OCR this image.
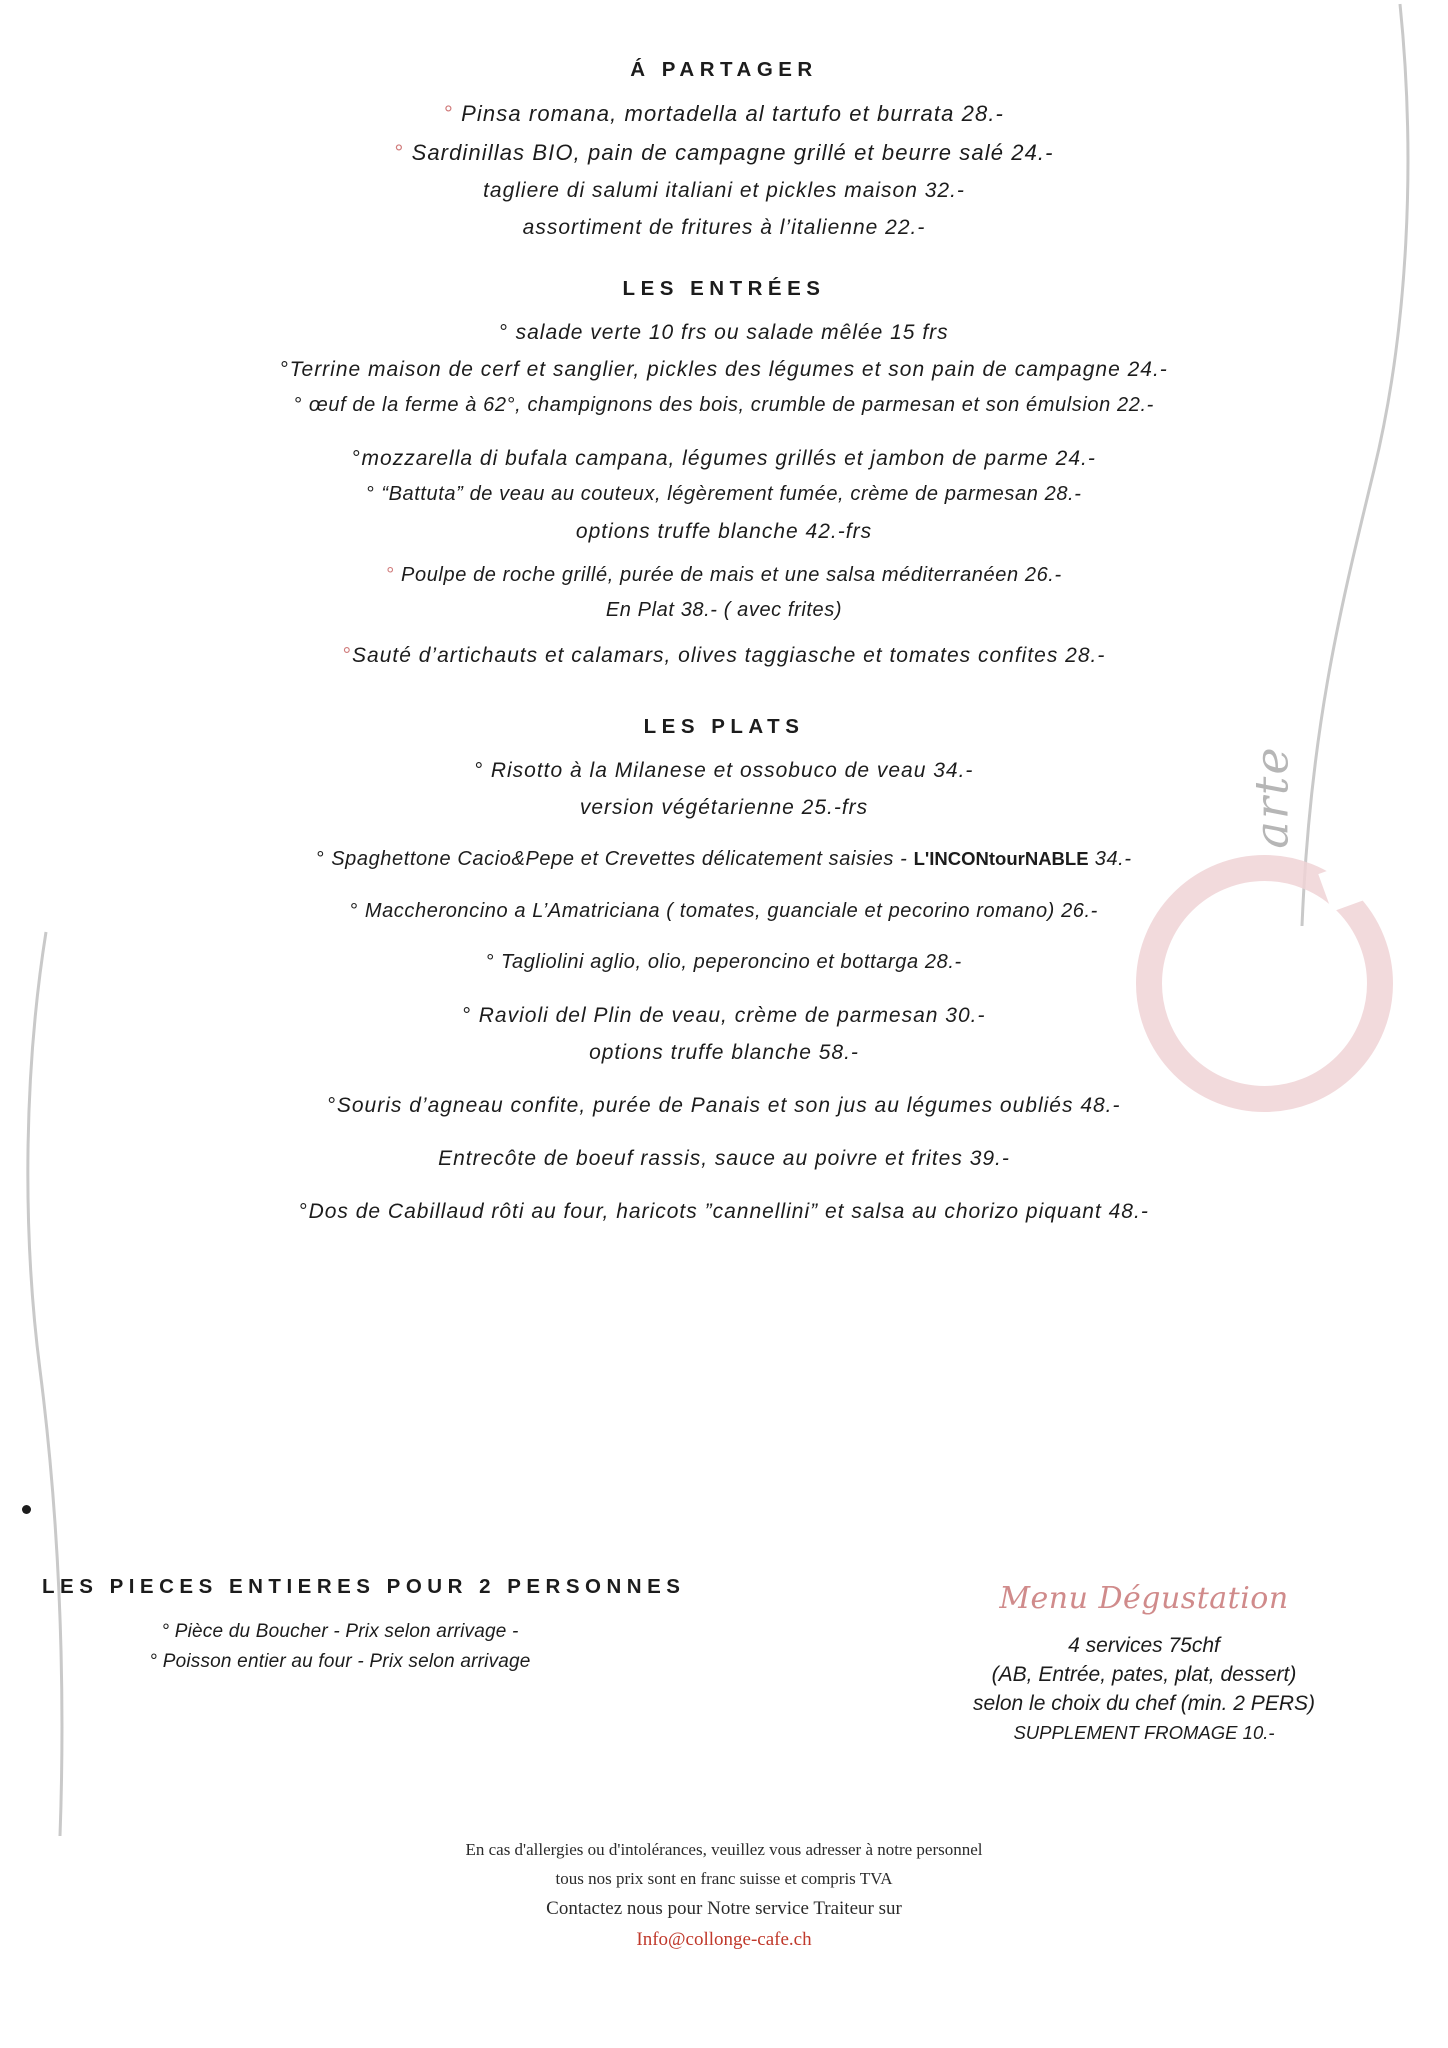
arte
Á PARTAGER

° Pinsa romana, mortadella al tartufo et burrata 28.-

° Sardinillas BIO, pain de campagne grillé et beurre salé 24.-

tagliere di salumi italiani et pickles maison 32.-

assortiment de fritures à l’italienne 22.-

LES ENTRÉES

° salade verte 10 frs ou salade mêlée 15 frs

°Terrine maison de cerf et sanglier, pickles des légumes et son pain de campagne 24.-

° œuf de la ferme à 62°, champignons des bois, crumble de parmesan et son émulsion 22.-

°mozzarella di bufala campana, légumes grillés et jambon de parme 24.-

° “Battuta” de veau au couteux, légèrement fumée, crème de parmesan 28.-

options truffe blanche 42.-frs

° Poulpe de roche grillé, purée de mais et une salsa méditerranéen 26.-

En Plat 38.- ( avec frites)

°Sauté d’artichauts et calamars, olives taggiasche et tomates confites 28.-

LES PLATS

° Risotto à la Milanese et ossobuco de veau 34.-

version végétarienne 25.-frs

° Spaghettone Cacio&Pepe et Crevettes délicatement saisies - L'INCONtourNABLE 34.-

° Maccheroncino a L’Amatriciana ( tomates, guanciale et pecorino romano) 26.-

° Tagliolini aglio, olio, peperoncino et bottarga 28.-

° Ravioli del Plin de veau, crème de parmesan 30.-

options truffe blanche 58.-

°Souris d’agneau confite, purée de Panais et son jus au légumes oubliés 48.-

Entrecôte de boeuf rassis, sauce au poivre et frites 39.-

°Dos de Cabillaud rôti au four, haricots ”cannellini” et salsa au chorizo piquant 48.-

LES PIECES ENTIERES POUR 2 PERSONNES

° Pièce du Boucher - Prix selon arrivage -

° Poisson entier au four - Prix selon arrivage

Menu Dégustation

4 services 75chf

(AB, Entrée, pates, plat, dessert)

selon le choix du chef (min. 2 PERS)

SUPPLEMENT FROMAGE 10.-

En cas d'allergies ou d'intolérances, veuillez vous adresser à notre personnel

tous nos prix sont en franc suisse et compris TVA

Contactez nous pour Notre service Traiteur sur

Info@collonge-cafe.ch
